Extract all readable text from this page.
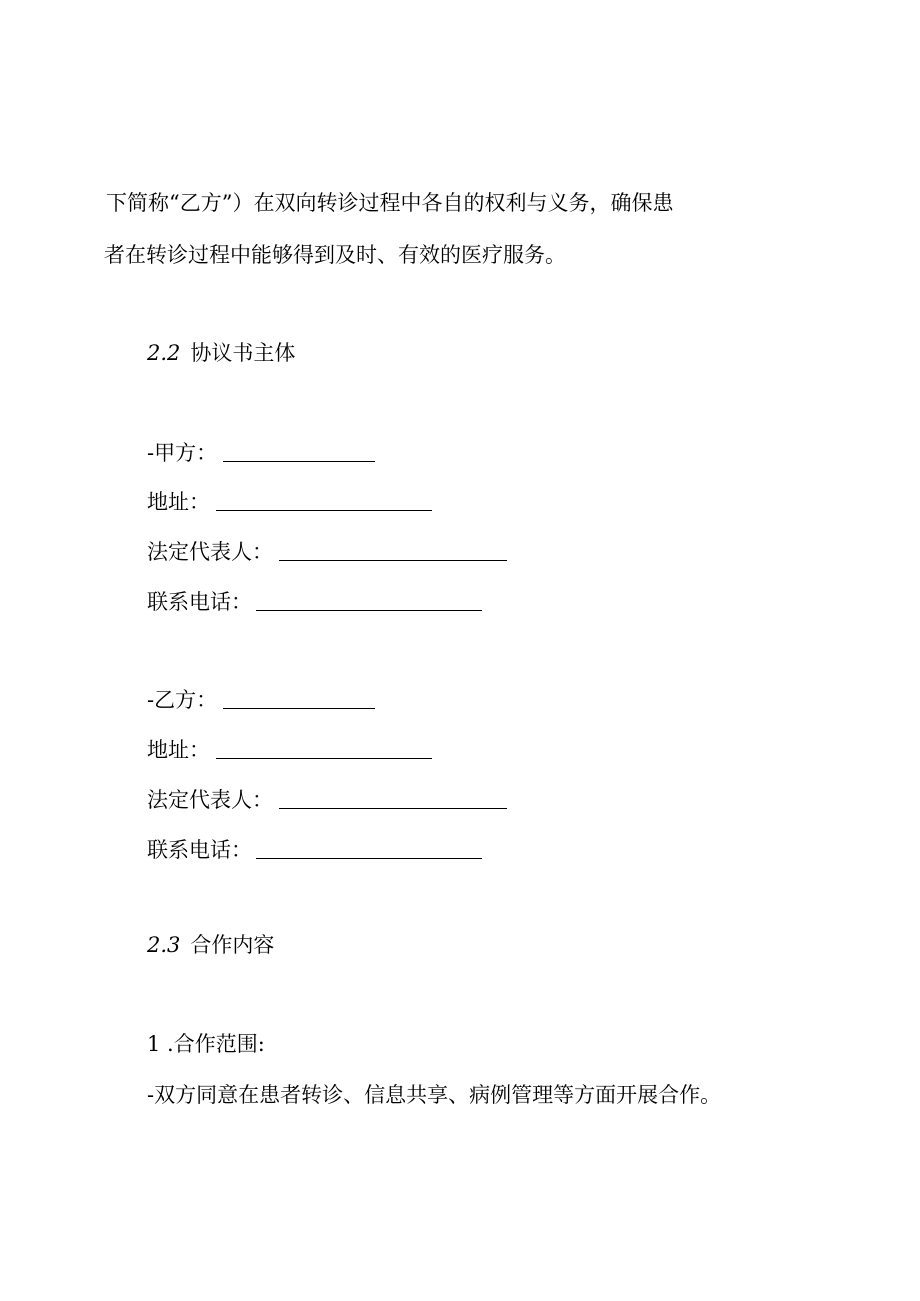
下简称“乙方”）在双向转诊过程中各自的权利与义务，确保患
者在转诊过程中能够得到及时、有效的医疗服务。
2.2 协议书主体
-甲方：
地址：
法定代表人：
联系电话：
-乙方：
地址：
法定代表人：
联系电话：
2.3 合作内容
1 .合作范围:
-双方同意在患者转诊、信息共享、病例管理等方面开展合作。
